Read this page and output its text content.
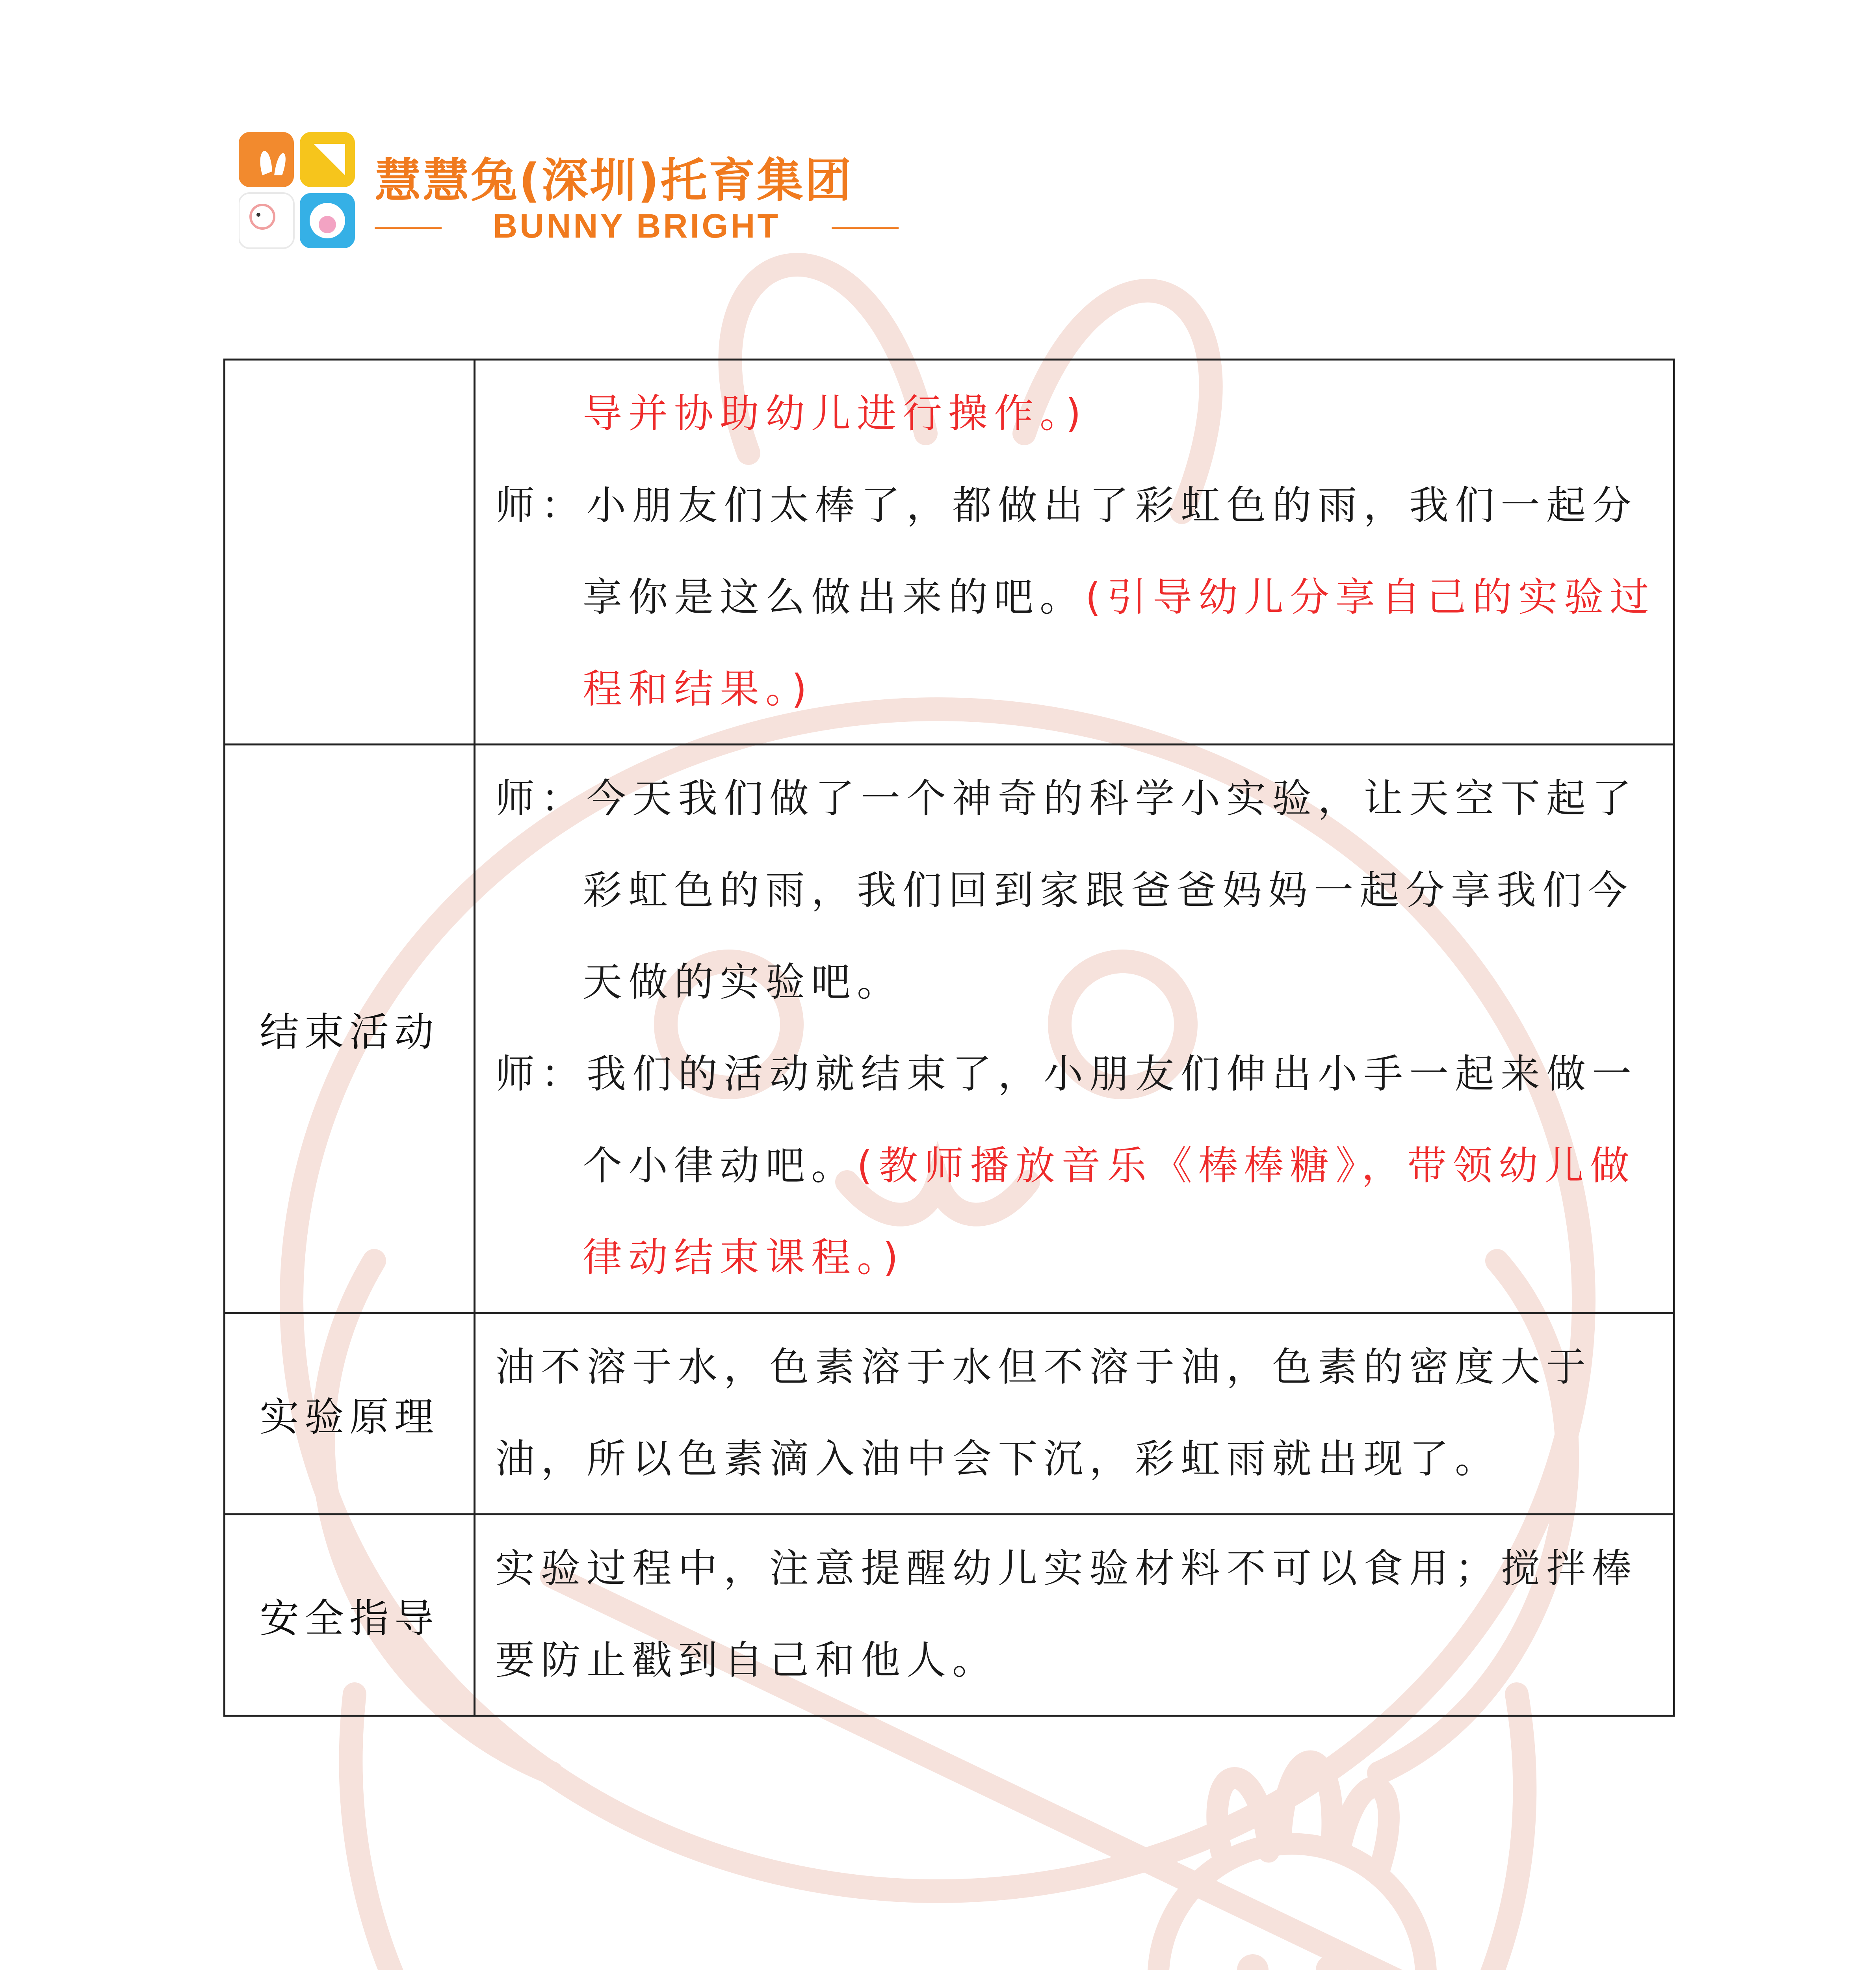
慧慧兔(深圳)托育集团
BUNNY BRIGHT

	导并协助幼儿进行操作。)

师：小朋友们太棒了，都做出了彩虹色的雨，我们一起分享你是这么做出来的吧。(引导幼儿分享自己的实验过程和结果。)

结束活动	师：今天我们做了一个神奇的科学小实验，让天空下起了彩虹色的雨，我们回到家跟爸爸妈妈一起分享我们今天做的实验吧。

师：我们的活动就结束了，小朋友们伸出小手一起来做一个小律动吧。(教师播放音乐《棒棒糖》，带领幼儿做律动结束课程。)

实验原理	油不溶于水，色素溶于水但不溶于油，色素的密度大于油，所以色素滴入油中会下沉，彩虹雨就出现了。

安全指导	实验过程中，注意提醒幼儿实验材料不可以食用；搅拌棒要防止戳到自己和他人。
